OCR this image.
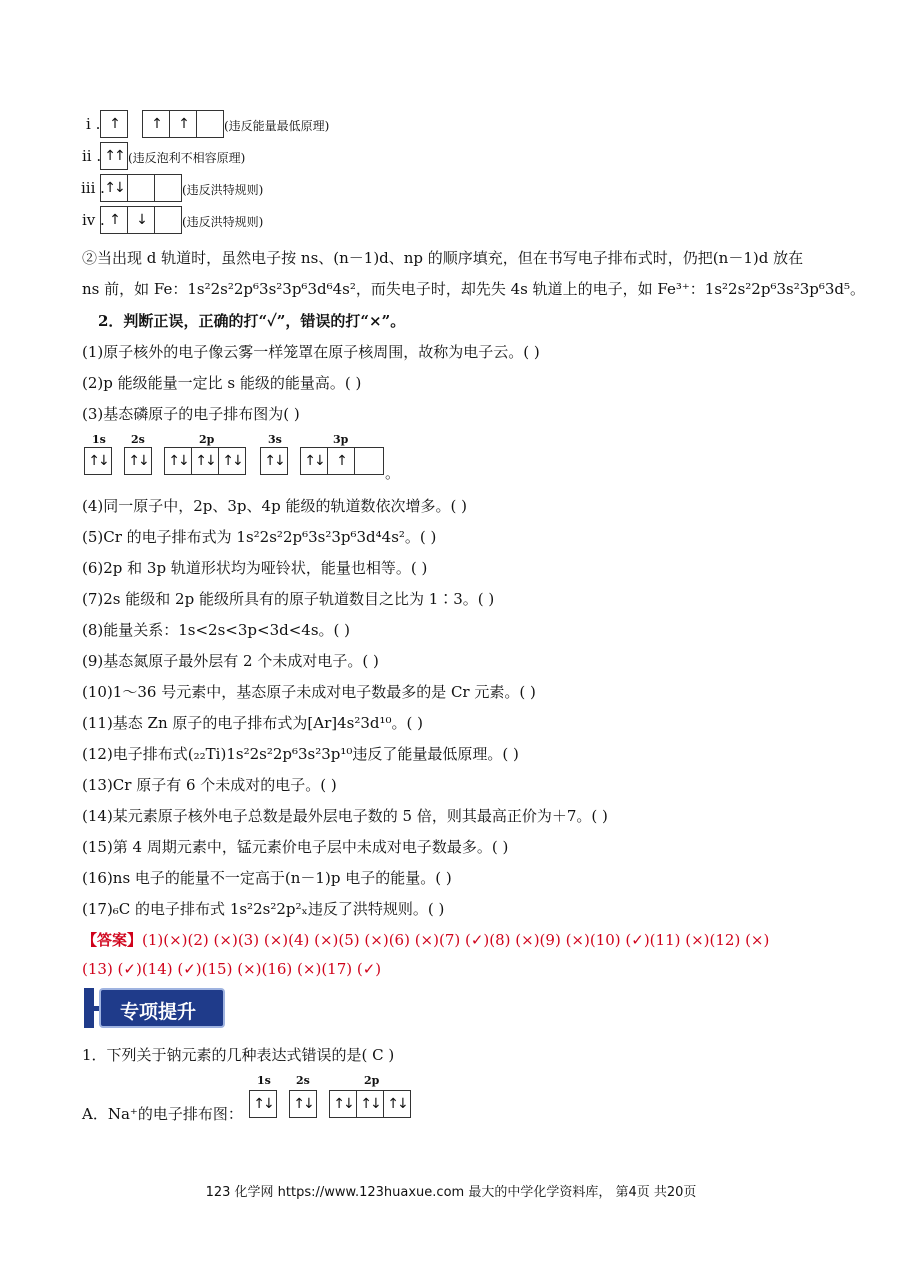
i . ↑	↑	↑	(违反能量最低原理)
ii . ↑↑ (违反泡利不相容原理)
iii . ↑↓	(违反洪特规则)
iv . ↑	↓	(违反洪特规则)
②当出现 d 轨道时，虽然电子按 ns、(n－1)d、np 的顺序填充，但在书写电子排布式时，仍把(n－1)d 放在
ns 前，如 Fe：1s²2s²2p⁶3s²3p⁶3d⁶4s²，而失电子时，却先失 4s 轨道上的电子，如 Fe³⁺：1s²2s²2p⁶3s²3p⁶3d⁵。
2．判断正误，正确的打“✓”，错误的打“×”。
(1)原子核外的电子像云雾一样笼罩在原子核周围，故称为电子云。( )
(2)p 能级能量一定比 s 能级的能量高。( )
(3)基态磷原子的电子排布图为( )
1s 2s	2p	3s	3p
↑↓ ↑↓ ↑↓ ↑↓ ↑↓ ↑↓ ↑↓ ↑
。
(4)同一原子中，2p、3p、4p 能级的轨道数依次增多。( )
(5)Cr 的电子排布式为 1s²2s²2p⁶3s²3p⁶3d⁴4s²。( )
(6)2p 和 3p 轨道形状均为哑铃状，能量也相等。( )
(7)2s 能级和 2p 能级所具有的原子轨道数目之比为 1∶3。( )
(8)能量关系：1s<2s<3p<3d<4s。( )
(9)基态氮原子最外层有 2 个未成对电子。( )
(10)1～36 号元素中，基态原子未成对电子数最多的是 Cr 元素。( )
(11)基态 Zn 原子的电子排布式为[Ar]4s²3d¹⁰。( )
(12)电子排布式(₂₂Ti)1s²2s²2p⁶3s²3p¹⁰违反了能量最低原理。( )
(13)Cr 原子有 6 个未成对的电子。( )
(14)某元素原子核外电子总数是最外层电子数的 5 倍，则其最高正价为＋7。( )
(15)第 4 周期元素中，锰元素价电子层中未成对电子数最多。( )
(16)ns 电子的能量不一定高于(n－1)p 电子的能量。( )
(17)₆C 的电子排布式 1s²2s²2p²ₓ违反了洪特规则。( )
【答案】(1)(×)(2) (×)(3) (×)(4) (×)(5) (×)(6) (×)(7) (✓)(8) (×)(9) (×)(10) (✓)(11) (×)(12) (×)
(13) (✓)(14) (✓)(15) (×)(16) (×)(17) (✓)
专项提升
1．下列关于钠元素的几种表达式错误的是( C )
1s 2s	2p
A．Na⁺的电子排布图：
↑↓ ↑↓ ↑↓ ↑↓ ↑↓
123 化学网 https://www.123huaxue.com 最大的中学化学资料库， 第4页 共20页
